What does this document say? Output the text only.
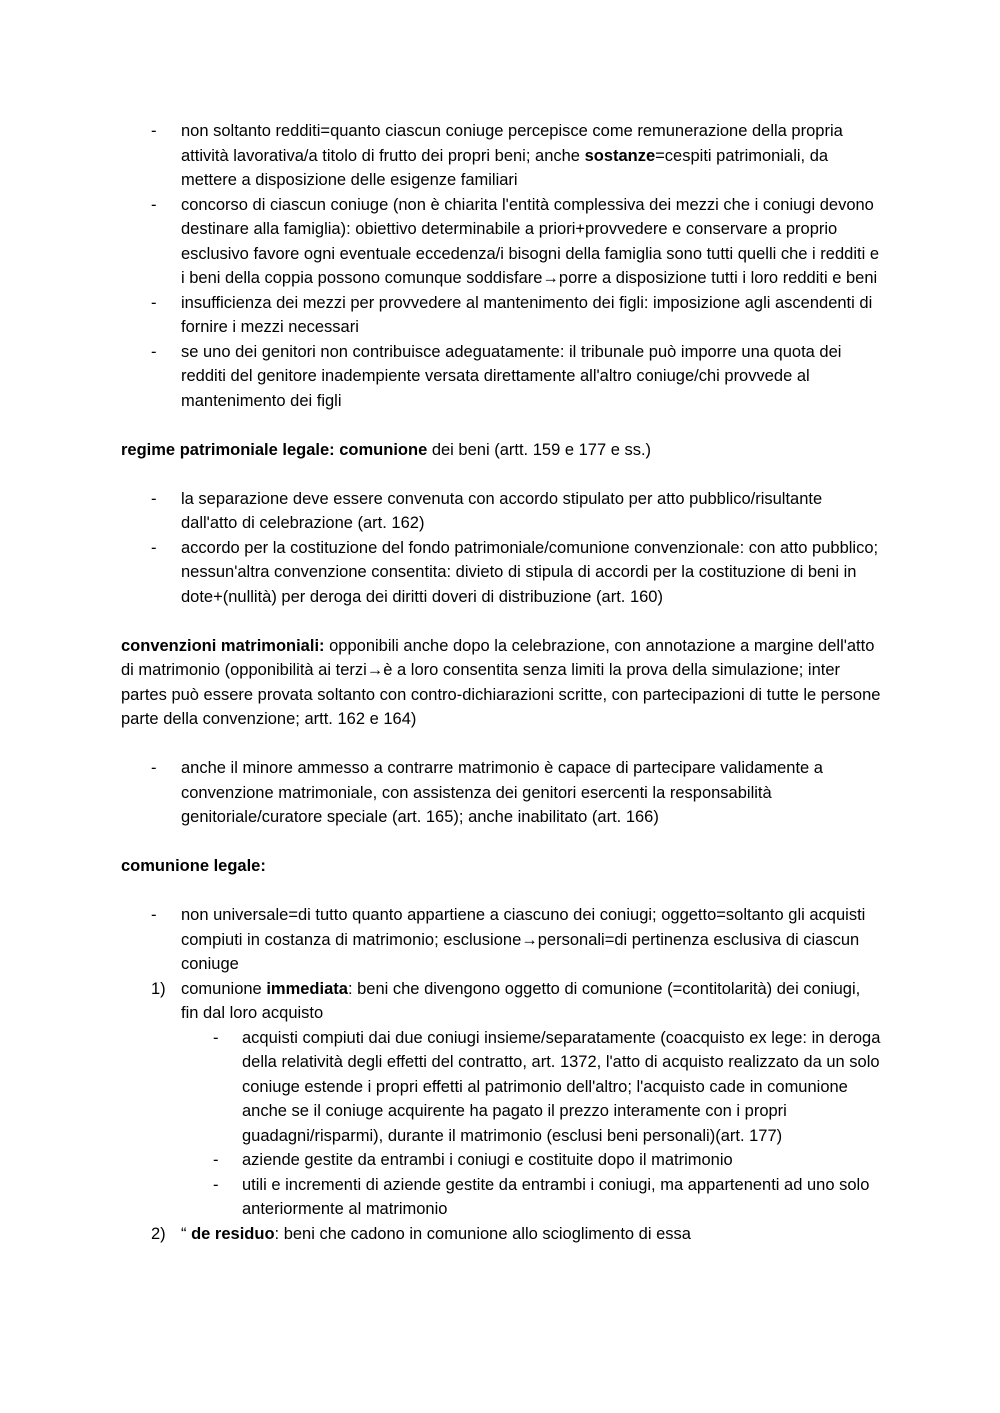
- non soltanto redditi=quanto ciascun coniuge percepisce come remunerazione della propria attività lavorativa/a titolo di frutto dei propri beni; anche sostanze=cespiti patrimoniali, da mettere a disposizione delle esigenze familiari
- concorso di ciascun coniuge (non è chiarita l'entità complessiva dei mezzi che i coniugi devono destinare alla famiglia): obiettivo determinabile a priori+provvedere e conservare a proprio esclusivo favore ogni eventuale eccedenza/i bisogni della famiglia sono tutti quelli che i redditi e i beni della coppia possono comunque soddisfare→porre a disposizione tutti i loro redditi e beni
- insufficienza dei mezzi per provvedere al mantenimento dei figli: imposizione agli ascendenti di fornire i mezzi necessari
- se uno dei genitori non contribuisce adeguatamente: il tribunale può imporre una quota dei redditi del genitore inadempiente versata direttamente all'altro coniuge/chi provvede al mantenimento dei figli

regime patrimoniale legale: comunione dei beni (artt. 159 e 177 e ss.)

- la separazione deve essere convenuta con accordo stipulato per atto pubblico/risultante dall'atto di celebrazione (art. 162)
- accordo per la costituzione del fondo patrimoniale/comunione convenzionale: con atto pubblico; nessun'altra convenzione consentita: divieto di stipula di accordi per la costituzione di beni in dote+(nullità) per deroga dei diritti doveri di distribuzione (art. 160)

convenzioni matrimoniali: opponibili anche dopo la celebrazione, con annotazione a margine dell'atto di matrimonio (opponibilità ai terzi→è a loro consentita senza limiti la prova della simulazione; inter partes può essere provata soltanto con contro-dichiarazioni scritte, con partecipazioni di tutte le persone parte della convenzione; artt. 162 e 164)

- anche il minore ammesso a contrarre matrimonio è capace di partecipare validamente a convenzione matrimoniale, con assistenza dei genitori esercenti la responsabilità genitoriale/curatore speciale (art. 165); anche inabilitato (art. 166)

comunione legale:

- non universale=di tutto quanto appartiene a ciascuno dei coniugi; oggetto=soltanto gli acquisti compiuti in costanza di matrimonio; esclusione→personali=di pertinenza esclusiva di ciascun coniuge
1) comunione immediata: beni che divengono oggetto di comunione (=contitolarità) dei coniugi, fin dal loro acquisto
- acquisti compiuti dai due coniugi insieme/separatamente (coacquisto ex lege: in deroga della relatività degli effetti del contratto, art. 1372, l'atto di acquisto realizzato da un solo coniuge estende i propri effetti al patrimonio dell'altro; l'acquisto cade in comunione anche se il coniuge acquirente ha pagato il prezzo interamente con i propri guadagni/risparmi), durante il matrimonio (esclusi beni personali)(art. 177)
- aziende gestite da entrambi i coniugi e costituite dopo il matrimonio
- utili e incrementi di aziende gestite da entrambi i coniugi, ma appartenenti ad uno solo anteriormente al matrimonio
2) “ de residuo: beni che cadono in comunione allo scioglimento di essa
